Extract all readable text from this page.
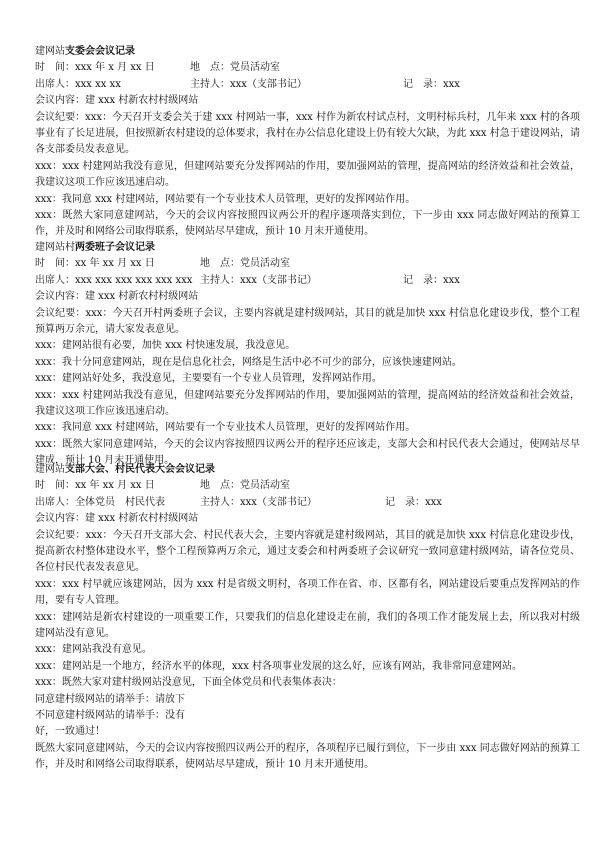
建网站支委会会议记录
时　间：xxx 年 x 月 xx 日	地　点：党员活动室
出席人：xxx xx xx	主持人：xxx（支部书记）	记　录：xxx
会议内容：建 xxx 村新农村村级网站

会议纪要：xxx：今天召开支委会关于建 xxx 村网站一事，xxx 村作为新农村试点村，文明村标兵村，几年来 xxx 村的各项事业有了长足进展，但按照新农村建设的总体要求，我村在办公信息化建设上仍有较大欠缺，为此 xxx 村急于建设网站，请各支部委员发表意见。

xxx：xxx 村建网站我没有意见，但建网站要充分发挥网站的作用，要加强网站的管理，提高网站的经济效益和社会效益，我建议这项工作应该迅速启动。

xxx：我同意 xxx 村建网站，网站要有一个专业技术人员管理，更好的发挥网站作用。

xxx：既然大家同意建网站，今天的会议内容按照四议两公开的程序逐项落实到位，下一步由 xxx 同志做好网站的预算工作，并及时和网络公司取得联系，使网站尽早建成，预计 10 月末开通使用。

建网站村两委班子会议记录
时　间：xx 年 xx 月 xx 日	地　点：党员活动室
出席人：xxx xxx xxx xxx xxx xxx 主持人：xxx（支部书记）	记　录：xxx
会议内容：建 xxx 村新农村村级网站

会议纪要：xxx：今天召开村两委班子会议，主要内容就是建村级网站，其目的就是加快 xxx 村信息化建设步伐，整个工程预算两万余元，请大家发表意见。

xxx：建网站很有必要，加快 xxx 村快速发展，我没意见。

xxx：我十分同意建网站，现在是信息化社会，网络是生活中必不可少的部分，应该快速建网站。

xxx：建网站好处多，我没意见，主要要有一个专业人员管理，发挥网站作用。

xxx：xxx 村建网站我没有意见，但建网站要充分发挥网站的作用，要加强网站的管理，提高网站的经济效益和社会效益，我建议这项工作应该迅速启动。

xxx：我同意 xxx 村建网站，网站要有一个专业技术人员管理，更好的发挥网站作用。

xxx：既然大家同意建网站，今天的会议内容按照四议两公开的程序还应该走，支部大会和村民代表大会通过，使网站尽早建成，预计 10 月末开通使用。

建网站支部大会、村民代表大会会议记录
时　间：xx 年 xx 月 xx 日	地　点：党员活动室
出席人：全体党员　村民代表	主持人：xxx（支部书记）	记　录：xxx
会议内容：建 xxx 村新农村村级网站

会议纪要：xxx：今天召开支部大会、村民代表大会，主要内容就是建村级网站，其目的就是加快 xxx 村信息化建设步伐，提高新农村整体建设水平，整个工程预算两万余元，通过支委会和村两委班子会议研究一致同意建村级网站，请各位党员、各位村民代表发表意见。

xxx：xxx 村早就应该建网站，因为 xxx 村是省级文明村，各项工作在省、市、区都有名，网站建设后要重点发挥网站的作用，要有专人管理。

xxx：建网站是新农村建设的一项重要工作，只要我们的信息化建设走在前，我们的各项工作才能发展上去，所以我对村级建网站没有意见。

xxx：建网站我没有意见。

xxx：建网站是一个地方，经济水平的体现，xxx 村各项事业发展的这么好，应该有网站，我非常同意建网站。

xxx：既然大家对建村级网站没意见，下面全体党员和代表集体表决：

同意建村级网站的请举手：请放下
不同意建村级网站的请举手：没有
好，一致通过！

既然大家同意建网站，今天的会议内容按照四议两公开的程序，各项程序已履行到位，下一步由 xxx 同志做好网站的预算工作，并及时和网络公司取得联系，使网站尽早建成，预计 10 月末开通使用。
